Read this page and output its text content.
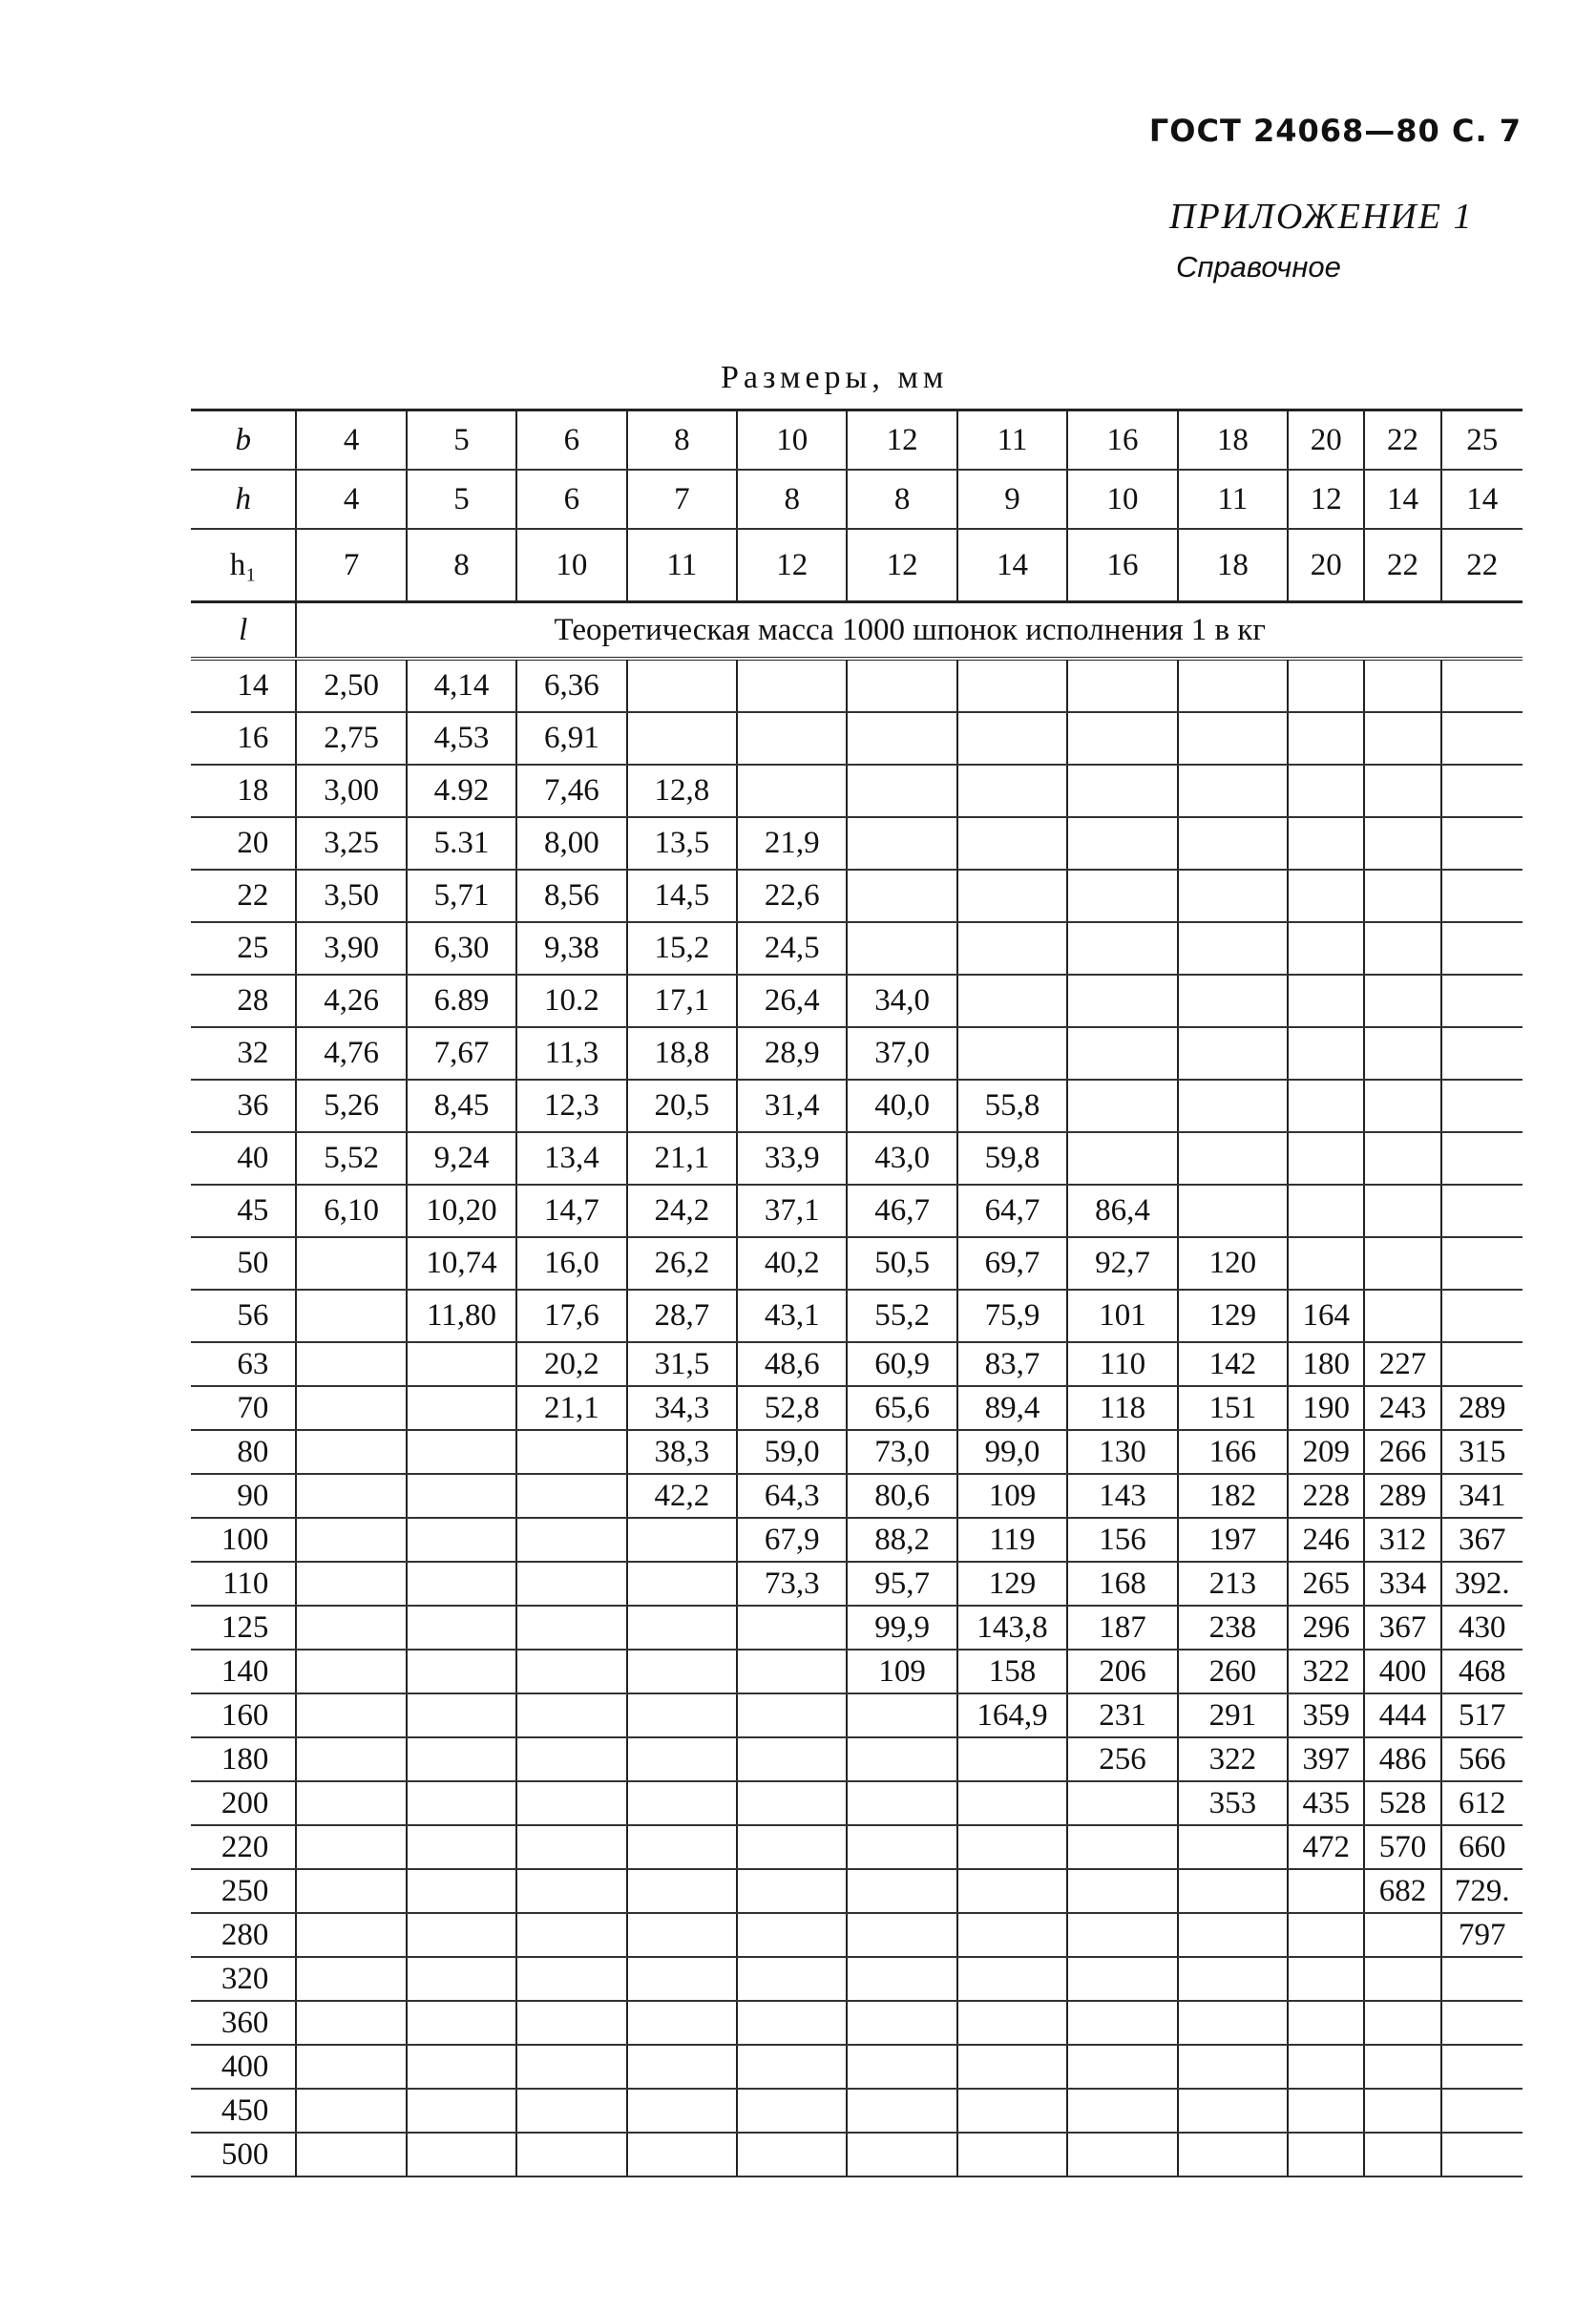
ГОСТ 24068—80 С. 7
ПРИЛОЖЕНИЕ 1
Справочное
Размеры, мм
b	4	5	6	8	10	12	11	16	18	20	22	25
h	4	5	6	7	8	8	9	10	11	12	14	14
h₁	7	8	10	11	12	12	14	16	18	20	22	22
l	Теоретическая масса 1000 шпонок исполнения 1 в кг											
14	2,50	4,14	6,36									
16	2,75	4,53	6,91									
18	3,00	4.92	7,46	12,8								
20	3,25	5.31	8,00	13,5	21,9							
22	3,50	5,71	8,56	14,5	22,6							
25	3,90	6,30	9,38	15,2	24,5							
28	4,26	6.89	10.2	17,1	26,4	34,0						
32	4,76	7,67	11,3	18,8	28,9	37,0						
36	5,26	8,45	12,3	20,5	31,4	40,0	55,8					
40	5,52	9,24	13,4	21,1	33,9	43,0	59,8					
45	6,10	10,20	14,7	24,2	37,1	46,7	64,7	86,4				
50		10,74	16,0	26,2	40,2	50,5	69,7	92,7	120			
56		11,80	17,6	28,7	43,1	55,2	75,9	101	129	164		
63			20,2	31,5	48,6	60,9	83,7	110	142	180	227	
70			21,1	34,3	52,8	65,6	89,4	118	151	190	243	289
80				38,3	59,0	73,0	99,0	130	166	209	266	315
90				42,2	64,3	80,6	109	143	182	228	289	341
100					67,9	88,2	119	156	197	246	312	367
110					73,3	95,7	129	168	213	265	334	392.
125						99,9	143,8	187	238	296	367	430
140						109	158	206	260	322	400	468
160							164,9	231	291	359	444	517
180								256	322	397	486	566
200									353	435	528	612
220										472	570	660
250											682	729.
280												797
320												
360												
400												
450												
500												
